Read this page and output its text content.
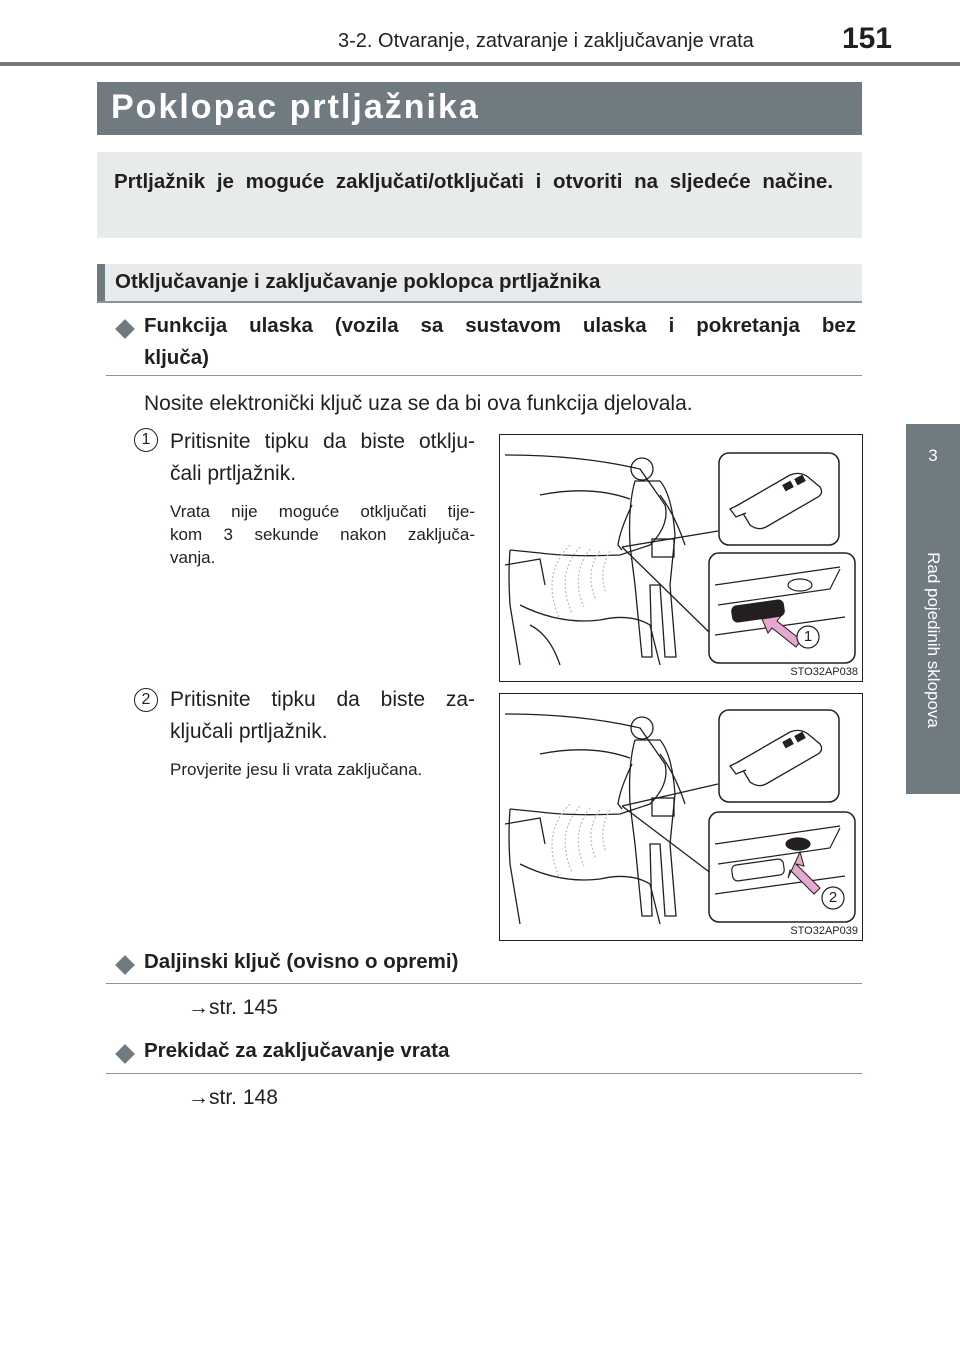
3-2. Otvaranje, zatvaranje i zaključavanje vrata	151
3
Rad pojedinih sklopova
Poklopac prtljažnika

Prtljažnik je moguće zaključati/otključati i otvoriti na sljedeće načine.

Otključavanje i zaključavanje poklopca prtljažnika
Funkcija ulaska (vozila sa sustavom ulaska i pokretanja bez
ključa)
Nosite elektronički ključ uza se da bi ova funkcija djelovala.
1 Pritisnite tipku da biste otklju-
čali prtljažnik.
Vrata nije moguće otključati tije-
kom 3 sekunde nakon zaključa-
vanja.
1
STO32AP038
2 Pritisnite tipku da biste za-
ključali prtljažnik.
Provjerite jesu li vrata zaključana.
2
STO32AP039
Daljinski ključ (ovisno o opremi)
→str. 145
Prekidač za zaključavanje vrata
→str. 148
